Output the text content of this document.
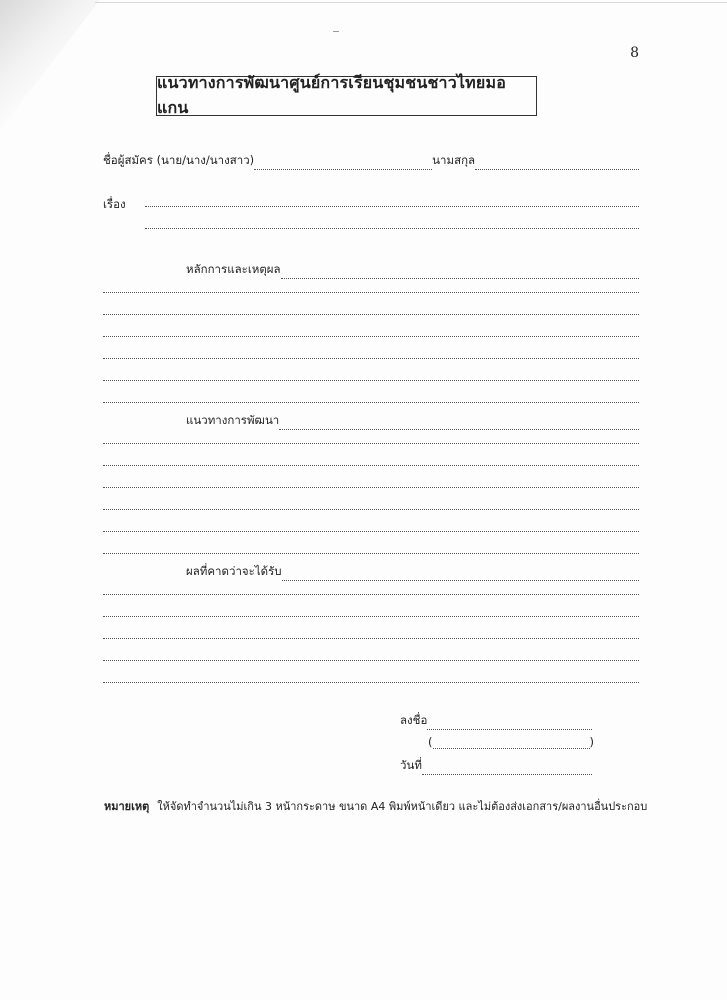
8
แนวทางการพัฒนาศูนย์การเรียนชุมชนชาวไทยมอแกน
ชื่อผู้สมัคร (นาย/นาง/นางสาว)	นามสกุล
เรื่อง
หลักการและเหตุผล
แนวทางการพัฒนา
ผลที่คาดว่าจะได้รับ
ลงชื่อ
(	)
วันที่
หมายเหตุ ให้จัดทำจำนวนไม่เกิน 3 หน้ากระดาษ ขนาด A4 พิมพ์หน้าเดียว และไม่ต้องส่งเอกสาร/ผลงานอื่นประกอบ
